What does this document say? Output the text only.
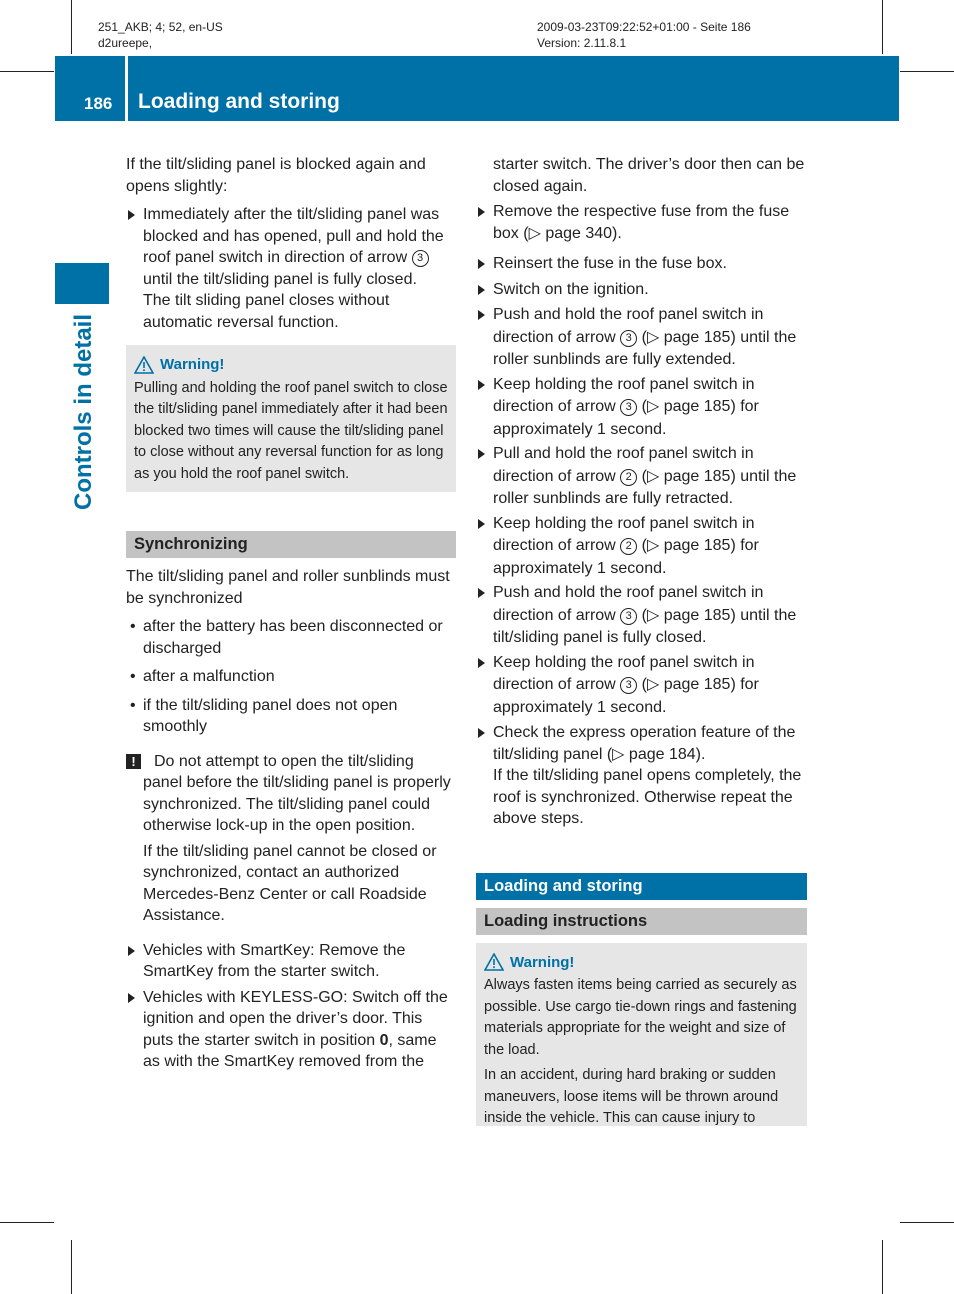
251_AKB; 4; 52, en-US
d2ureepe,
2009-03-23T09:22:52+01:00 - Seite 186
Version: 2.11.8.1
186 Loading and storing
Controls in detail

If the tilt/sliding panel is blocked again and opens slightly:

Immediately after the tilt/sliding panel was blocked and has opened, pull and hold the roof panel switch in direction of arrow 3 until the tilt/sliding panel is fully closed.
The tilt sliding panel closes without automatic reversal function.
Warning!
Pulling and holding the roof panel switch to close the tilt/sliding panel immediately after it had been blocked two times will cause the tilt/sliding panel to close without any reversal function for as long as you hold the roof panel switch.
Synchronizing

The tilt/sliding panel and roller sunblinds must be synchronized

• after the battery has been disconnected or discharged
• after a malfunction
• if the tilt/sliding panel does not open smoothly
!	Do not attempt to open the tilt/sliding panel before the tilt/sliding panel is properly synchronized. The tilt/sliding panel could otherwise lock-up in the open position.
If the tilt/sliding panel cannot be closed or synchronized, contact an authorized Mercedes-Benz Center or call Roadside Assistance.
Vehicles with SmartKey: Remove the SmartKey from the starter switch.
Vehicles with KEYLESS-GO: Switch off the ignition and open the driver’s door. This puts the starter switch in position 0, same as with the SmartKey removed from the

starter switch. The driver’s door then can be closed again.

Remove the respective fuse from the fuse box (▷ page 340).
Reinsert the fuse in the fuse box.
Switch on the ignition.
Push and hold the roof panel switch in direction of arrow 3 (▷ page 185) until the roller sunblinds are fully extended.
Keep holding the roof panel switch in direction of arrow 3 (▷ page 185) for approximately 1 second.
Pull and hold the roof panel switch in direction of arrow 2 (▷ page 185) until the roller sunblinds are fully retracted.
Keep holding the roof panel switch in direction of arrow 2 (▷ page 185) for approximately 1 second.
Push and hold the roof panel switch in direction of arrow 3 (▷ page 185) until the tilt/sliding panel is fully closed.
Keep holding the roof panel switch in direction of arrow 3 (▷ page 185) for approximately 1 second.
Check the express operation feature of the tilt/sliding panel (▷ page 184).
If the tilt/sliding panel opens completely, the roof is synchronized. Otherwise repeat the above steps.
Loading and storing
Loading instructions
Warning!
Always fasten items being carried as securely as possible. Use cargo tie-down rings and fastening materials appropriate for the weight and size of the load.
In an accident, during hard braking or sudden maneuvers, loose items will be thrown around inside the vehicle. This can cause injury to
